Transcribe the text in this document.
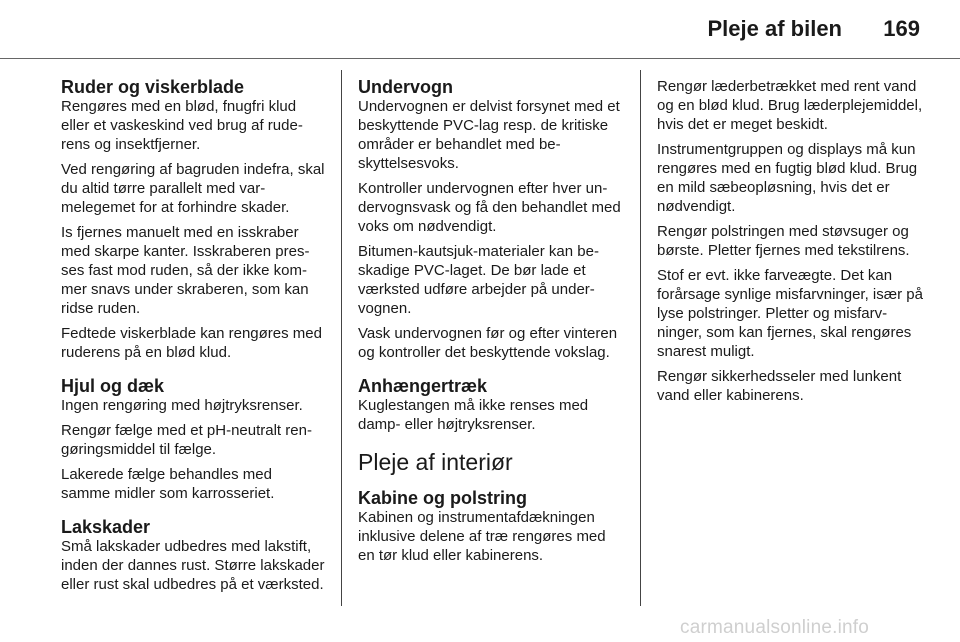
Pleje af bilen 169
Ruder og viskerblade

Rengøres med en blød, fnugfri klud eller et vaskeskind ved brug af ruderens og insektfjerner.

Ved rengøring af bagruden indefra, skal du altid tørre parallelt med varmelegemet for at forhindre skader.

Is fjernes manuelt med en isskraber med skarpe kanter. Isskraberen presses fast mod ruden, så der ikke kommer snavs under skraberen, som kan ridse ruden.

Fedtede viskerblade kan rengøres med ruderens på en blød klud.

Hjul og dæk

Ingen rengøring med højtryksrenser.

Rengør fælge med et pH-neutralt rengøringsmiddel til fælge.

Lakerede fælge behandles med samme midler som karrosseriet.

Lakskader

Små lakskader udbedres med lakstift, inden der dannes rust. Større lakskader eller rust skal udbedres på et værksted.

Undervogn

Undervognen er delvist forsynet med et beskyttende PVC-lag resp. de kritiske områder er behandlet med beskyttelsesvoks.

Kontroller undervognen efter hver undervognsvask og få den behandlet med voks om nødvendigt.

Bitumen-kautsjuk-materialer kan beskadige PVC-laget. De bør lade et værksted udføre arbejder på undervognen.

Vask undervognen før og efter vinteren og kontroller det beskyttende vokslag.

Anhængertræk

Kuglestangen må ikke renses med damp- eller højtryksrenser.

Pleje af interiør
Kabine og polstring

Kabinen og instrumentafdækningen inklusive delene af træ rengøres med en tør klud eller kabinerens.

Rengør læderbetrækket med rent vand og en blød klud. Brug læderplejemiddel, hvis det er meget beskidt.

Instrumentgruppen og displays må kun rengøres med en fugtig blød klud. Brug en mild sæbeopløsning, hvis det er nødvendigt.

Rengør polstringen med støvsuger og børste. Pletter fjernes med tekstilrens.

Stof er evt. ikke farveægte. Det kan forårsage synlige misfarvninger, især på lyse polstringer. Pletter og misfarvninger, som kan fjernes, skal rengøres snarest muligt.

Rengør sikkerhedsseler med lunkent vand eller kabinerens.

carmanualsonline.info
